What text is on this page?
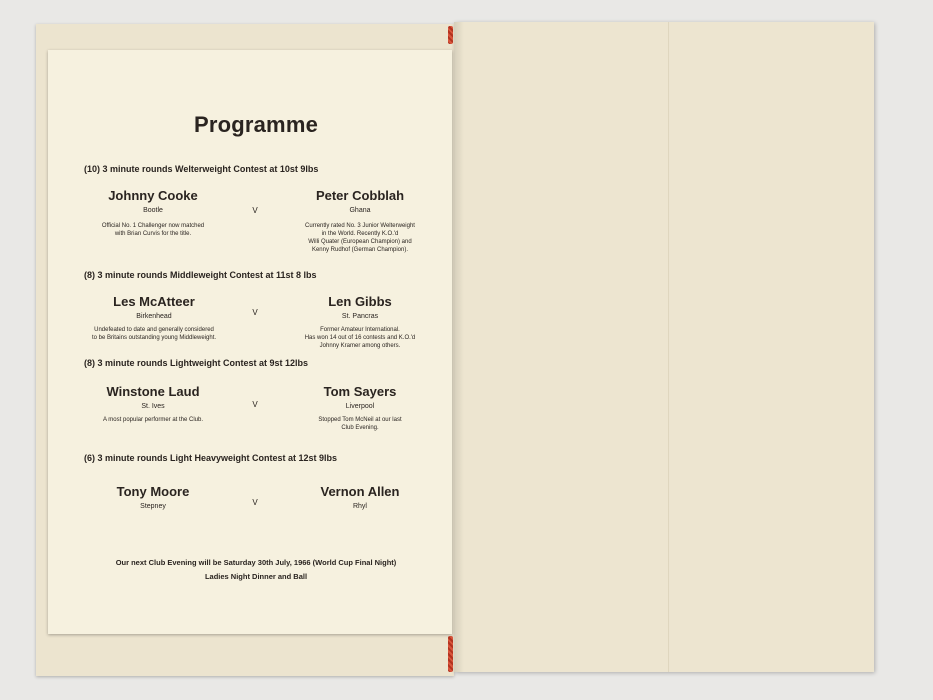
Programme
(10) 3 minute rounds Welterweight Contest at 10st 9lbs
Johnny Cooke
Bootle
Official No. 1 Challenger now matched
with Brian Curvis for the title.
V
Peter Cobblah
Ghana
Currently rated No. 3 Junior Welterweight
in the World. Recently K.O.'d
Willi Quater (European Champion) and
Kenny Rudhof (German Champion).
(8) 3 minute rounds Middleweight Contest at 11st 8 lbs
Les McAtteer
Birkenhead
Undefeated to date and generally considered
to be Britains outstanding young Middleweight.
V
Len Gibbs
St. Pancras
Former Amateur International.
Has won 14 out of 16 contests and K.O.'d
Johnny Kramer among others.
(8) 3 minute rounds Lightweight Contest at 9st 12lbs
Winstone Laud
St. Ives
A most popular performer at the Club.
V
Tom Sayers
Liverpool
Stopped Tom McNeil at our last
Club Evening.
(6) 3 minute rounds Light Heavyweight Contest at 12st 9lbs
Tony Moore
Stepney	V
Vernon Allen
Rhyl
Our next Club Evening will be Saturday 30th July, 1966 (World Cup Final Night)
Ladies Night Dinner and Ball
